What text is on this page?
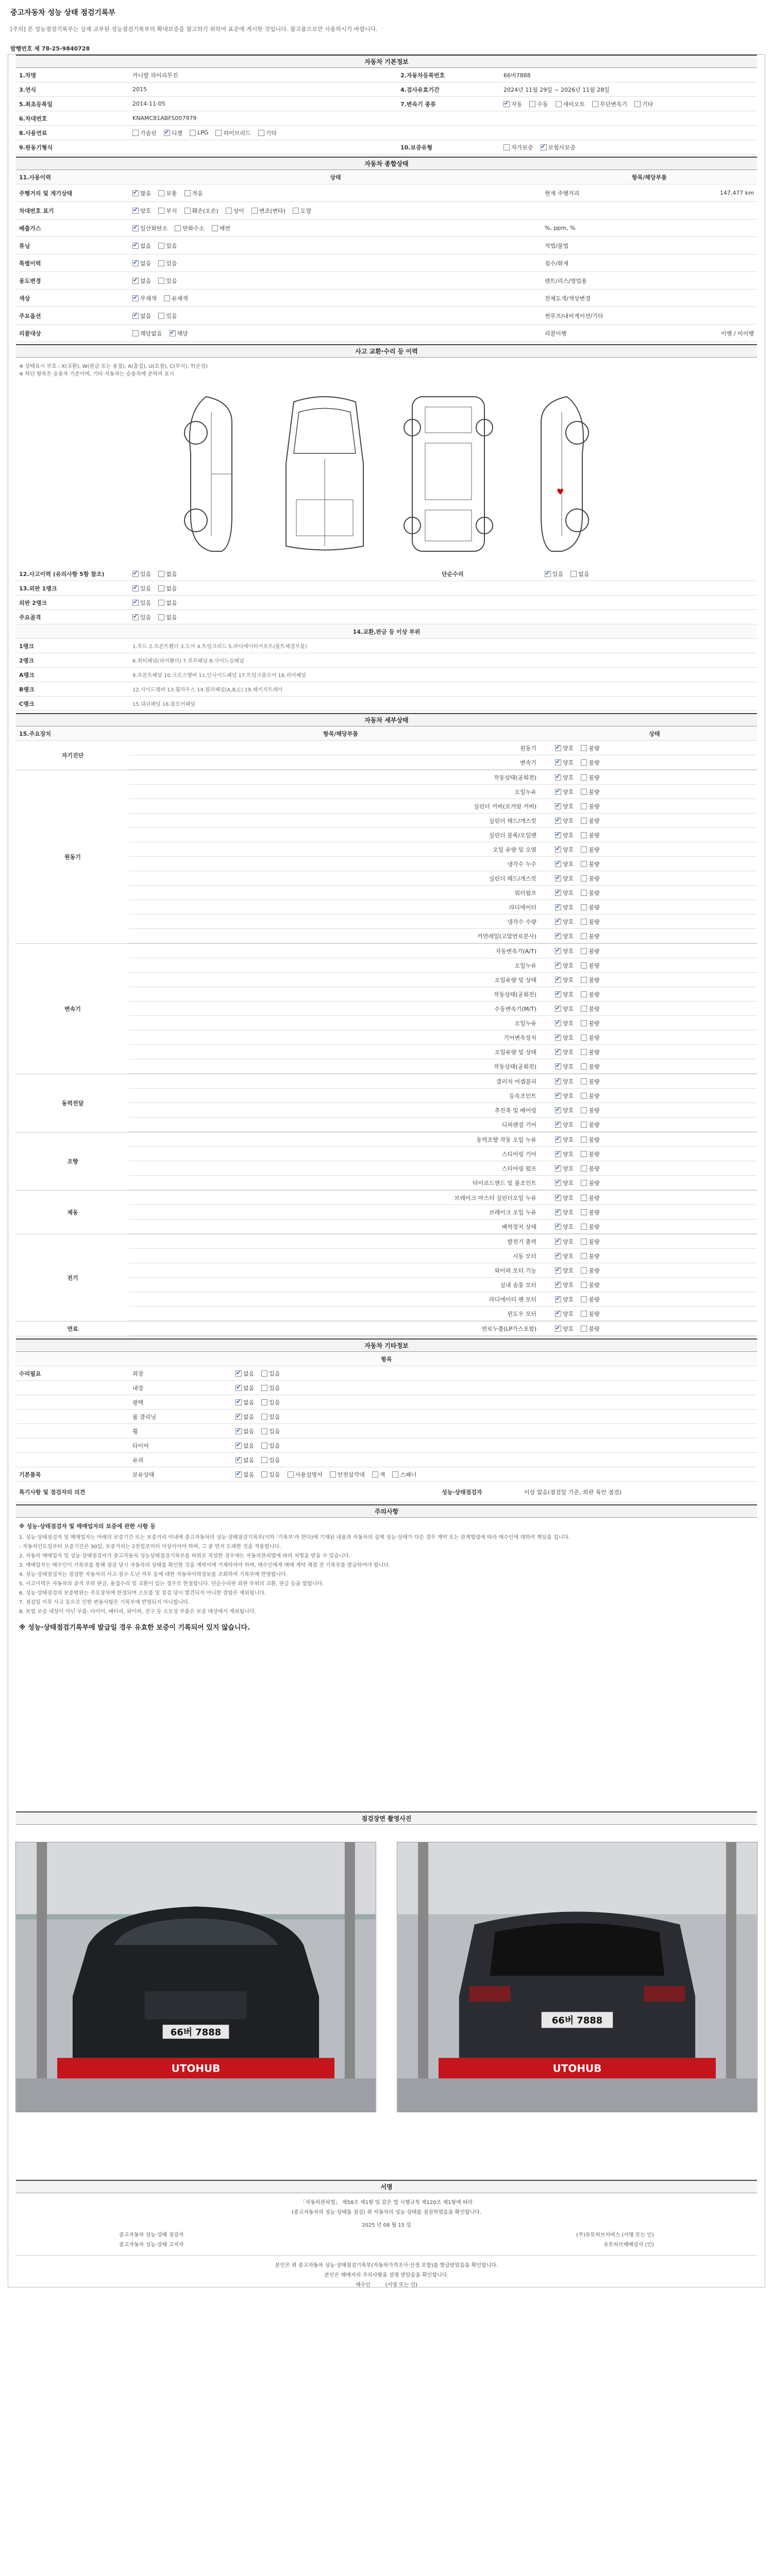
중고자동차 성능 상태 점검기록부
[주의] 본 성능점검기록부는 실제 교부된 성능점검기록부의 확대보증을 참고하기 위하여 표준에 게시한 것입니다. 참고용으로만 사용하시기 바랍니다.
발행번호 제 78-25-9840728
자동차 기본정보
1.차명	카니발 하이리무진	2.자동차등록번호	66버7888
3.연식	2015	4.검사유효기간	2024년 11월 29일 ~ 2026년 11월 28일
5.최초등록일	2014-11-05	7.변속기 종류 ✔	자동	수동	세미오토	무단변속기	기타
6.차대번호	KNAMC81ABFS007979
8.사용연료	가솔린 ✔	디젤	LPG	하이브리드	기타
9.원동기형식	10.보증유형	자가보증 ✔	보험사보증
자동차 종합상태
11.사용이력	상태	항목/해당부품
주행거리 및 계기상태 ✔	많음	보통	적음	현재 주행거리	147,477 km
차대번호 표기 ✔	양호	부식	훼손(오손)	상이	변조(변타)	도말
배출가스 ✔	일산화탄소	탄화수소	매연	%, ppm, %
튜닝 ✔	없음	있음	적법/불법
특별이력 ✔	없음	있음	침수/화재
용도변경 ✔	없음	있음	렌트/리스/영업용
색상 ✔	무채색	유채색	전체도색/색상변경
주요옵션 ✔	없음	있음	썬루프/내비게이션/기타
리콜대상	해당없음 ✔	해당	리콜이행	이행 / 미이행
사고 교환·수리 등 이력
※ 상태표시 부호 : X(교환), W(판금 또는 용접), A(흠집), U(요철), C(부식), T(손상)
※ 하단 항목은 승용차 기준이며, 기타 자동차는 승용차에 준하여 표시
♥
12.사고이력 (유의사항 5항 참조) ✔	있음	없음	단순수리 ✔	있음	없음
13.외판 1랭크 ✔	있음	없음
외판 2랭크 ✔	있음	없음
주요골격 ✔	있음	없음
14.교환,판금 등 이상 부위
1랭크	1.후드 2.프론트휀더 3.도어 4.트렁크리드 5.라디에이터서포트(볼트체결부품)
2랭크	6.쿼터패널(리어휀더) 7.루프패널 8.사이드실패널
A랭크	9.프론트패널 10.크로스멤버 11.인사이드패널 17.트렁크플로어 18.리어패널
B랭크	12.사이드멤버 13.휠하우스 14.필러패널(A,B,C) 19.패키지트레이
C랭크	15.대쉬패널 16.플로어패널
자동차 세부상태
15.주요장치	항목/해당부품	상태
자기진단
원동기 ✔	양호	불량
변속기 ✔	양호	불량
원동기
작동상태(공회전) ✔	양호	불량
오일누유 ✔	양호	불량
실린더 커버(로커암 커버) ✔	양호	불량
실린더 헤드/개스킷 ✔	양호	불량
실린더 블록/오일팬 ✔	양호	불량
오일 유량 및 오염 ✔	양호	불량
냉각수 누수 ✔	양호	불량
실린더 헤드/개스킷 ✔	양호	불량
워터펌프 ✔	양호	불량
라디에이터 ✔	양호	불량
냉각수 수량 ✔	양호	불량
커먼레일(고압연료분사) ✔	양호	불량
변속기
자동변속기(A/T) ✔	양호	불량
오일누유 ✔	양호	불량
오일유량 및 상태 ✔	양호	불량
작동상태(공회전) ✔	양호	불량
수동변속기(M/T) ✔	양호	불량
오일누유 ✔	양호	불량
기어변속장치 ✔	양호	불량
오일유량 및 상태 ✔	양호	불량
작동상태(공회전) ✔	양호	불량
동력전달
클러치 어셈블리 ✔	양호	불량
등속조인트 ✔	양호	불량
추진축 및 베어링 ✔	양호	불량
디퍼렌셜 기어 ✔	양호	불량
조향
동력조향 작동 오일 누유 ✔	양호	불량
스티어링 기어 ✔	양호	불량
스티어링 펌프 ✔	양호	불량
타이로드엔드 및 볼조인트 ✔	양호	불량
제동
브레이크 마스터 실린더오일 누유 ✔	양호	불량
브레이크 오일 누유 ✔	양호	불량
배력장치 상태 ✔	양호	불량
전기
발전기 출력 ✔	양호	불량
시동 모터 ✔	양호	불량
와이퍼 모터 기능 ✔	양호	불량
실내 송풍 모터 ✔	양호	불량
라디에이터 팬 모터 ✔	양호	불량
윈도우 모터 ✔	양호	불량
연료	연료누출(LP가스포함) ✔	양호	불량
자동차 기타정보
항목
수리필요	외장 ✔	없음	있음
내장 ✔	없음	있음
광택 ✔	없음	있음
룸 클리닝 ✔	없음	있음
휠 ✔	없음	있음
타이어 ✔	없음	있음
유리 ✔	없음	있음
기본품목	보유상태 ✔	없음	있음	사용설명서	안전삼각대	잭	스패너
특기사항 및 점검자의 의견	성능·상태점검자	이상 없음(점검일 기준, 외관 육안 점검)
주의사항
※ 성능·상태점검자 및 매매업자의 보증에 관한 사항 등
1. 성능·상태점검자 및 매매업자는 아래의 보증기간 또는 보증거리 이내에 중고자동차의 성능·상태점검기록부(이하 ‘기록부’라 한다)에 기재된 내용과 자동차의 실제 성능·상태가 다른 경우 계약 또는 관계법령에 따라 매수인에 대하여 책임을 집니다.
- 자동차인도일부터 보증기간은 30일, 보증거리는 2천킬로미터 이상이어야 하며, 그 중 먼저 도래한 것을 적용합니다.
2. 자동차 매매업자 및 성능·상태점검자가 중고자동차 성능상태점검기록부를 허위로 작성한 경우에는 자동차관리법에 따라 처벌을 받을 수 있습니다.
3. 매매업자는 매수인이 기록부를 통해 점검 당시 자동차의 상태를 확인한 것을 계약서에 기재하여야 하며, 매수인에게 매매 계약 체결 전 기록부를 발급하여야 합니다.
4. 성능·상태점검자는 점검한 자동차의 사고·침수·도난 여부 등에 대한 자동차이력정보를 조회하여 기록부에 반영합니다.
5. 사고이력은 자동차의 골격 부위 판금, 용접수리 및 교환이 있는 경우로 한정합니다. 단순수리란 외판 부위의 교환, 판금 등을 말합니다.
6. 성능·상태점검의 보증범위는 주요장치에 한정되며 소모품 및 점검 당시 발견되지 아니한 결함은 제외됩니다.
7. 점검일 이후 사고 등으로 인한 변동사항은 기록부에 반영되지 아니합니다.
8. 보험 보증 대상이 아닌 부품: 타이어, 배터리, 와이퍼, 전구 등 소모성 부품은 보증 대상에서 제외됩니다.
※ 성능·상태점검기록부에 발급일 경우 유효한 보증이 기록되어 있지 않습니다.
점검장면 촬영사진
서명
「자동차관리법」 제58조 제1항 및 같은 법 시행규칙 제120조 제1항에 따라
(중고자동차의 성능·상태를 점검) 위 자동차의 성능·상태를 점검하였음을 확인합니다.
2025 년 08 월 15 일
중고자동차 성능·상태 점검자	(주)유토허브서비스 (서명 또는 인)
중고자동차 성능·상태 고지자	유토허브매매상사 (인)
본인은 위 중고자동차 성능·상태점검기록부(자동차가격조사·산정 포함)를 발급받았음을 확인합니다.
본인은 매매자의 주의사항을 설명 받았음을 확인합니다.
매수인	(서명 또는 인)
66버 7888
UTOHUB
66버 7888
UTOHUB
